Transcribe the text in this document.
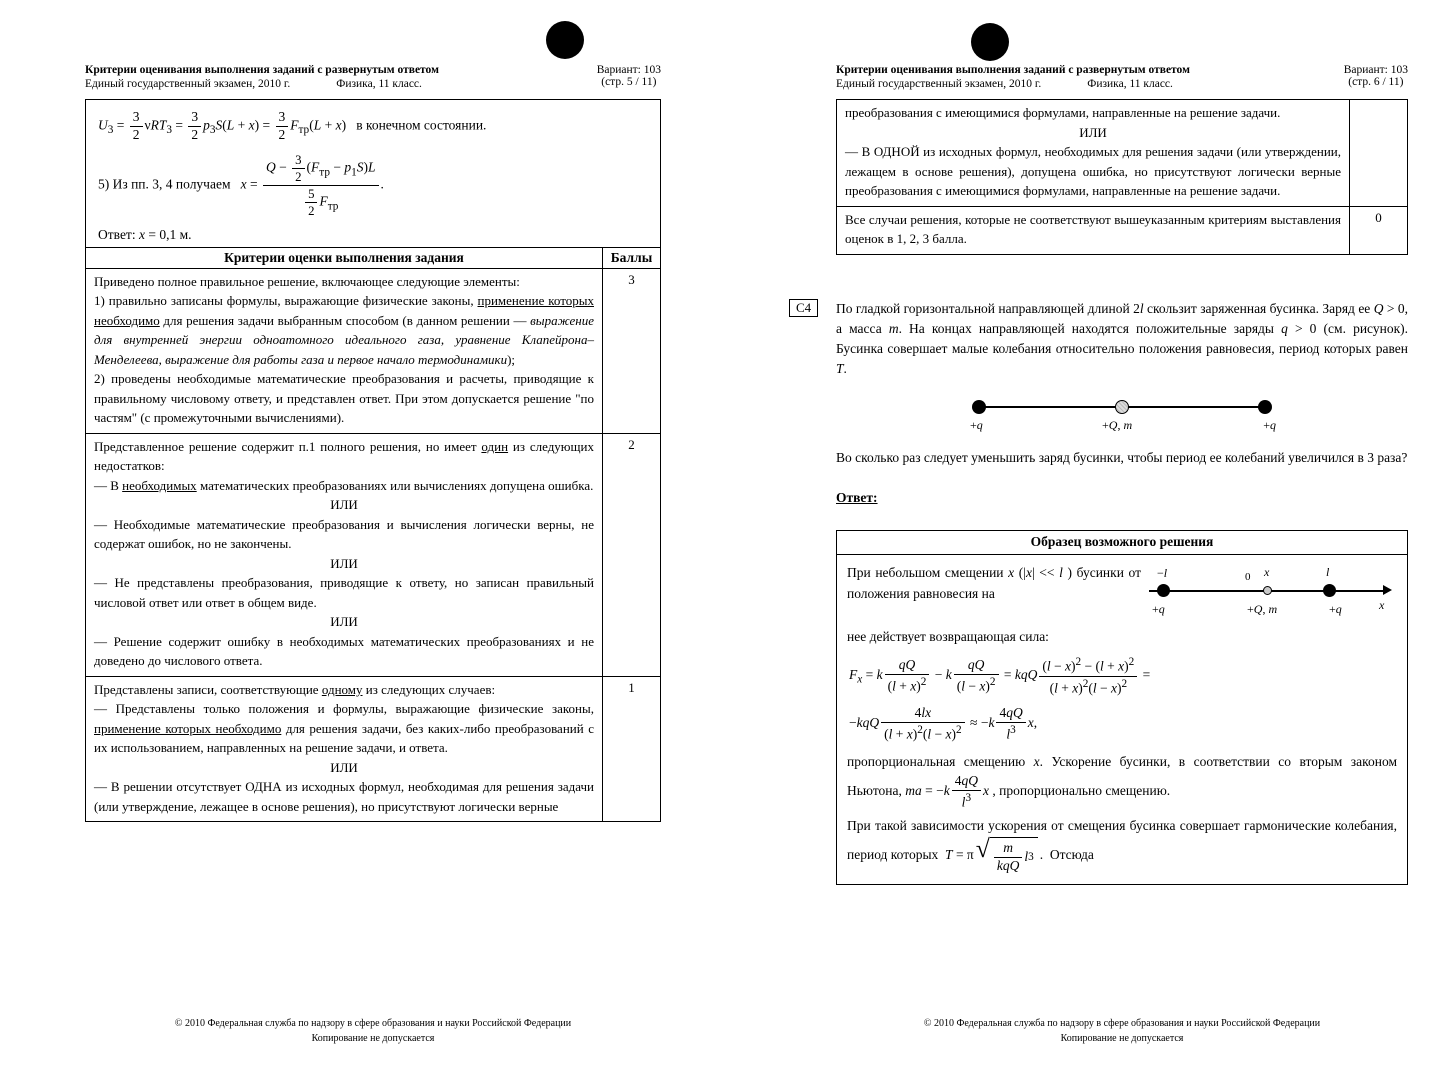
Критерии оценивания выполнения заданий с развернутым ответом
Единый государственный экзамен, 2010 г.	Физика, 11 класс.
Вариант: 103
(стр. 5 / 11)
$U_3 = \frac{3}{2} \nu RT_3 = \frac{3}{2} p_3S(L + x) = \frac{3}{2} F_{тр}(L + x)$   в конечном состоянии.
5) Из пп. 3, 4 получаем   $x = \frac{Q - \frac{3}{2} (F_{тр} - p_1S)L}{\frac{5}{2} F_{тр}}$ .
Ответ: x = 0,1 м.

Критерии оценки выполнения задания	Баллы
Приведено полное правильное решение, включающее следующие элементы:
1) правильно записаны формулы, выражающие физические законы, применение которых необходимо для решения задачи выбранным способом (в данном решении — выражение для внутренней энергии одноатомного идеального газа, уравнение Клапейрона–Менделеева, выражение для работы газа и первое начало термодинамики);
2) проведены необходимые математические преобразования и расчеты, приводящие к правильному числовому ответу, и представлен ответ. При этом допускается решение "по частям" (с промежуточными вычислениями).	3
Представленное решение содержит п.1 полного решения, но имеет один из следующих недостатков:
— В необходимых математических преобразованиях или вычислениях допущена ошибка.
ИЛИ
— Необходимые математические преобразования и вычисления логически верны, не содержат ошибок, но не закончены.
ИЛИ
— Не представлены преобразования, приводящие к ответу, но записан правильный числовой ответ или ответ в общем виде.
ИЛИ
— Решение содержит ошибку в необходимых математических преобразованиях и не доведено до числового ответа.	2
Представлены записи, соответствующие одному из следующих случаев:
— Представлены только положения и формулы, выражающие физические законы, применение которых необходимо для решения задачи, без каких-либо преобразований с их использованием, направленных на решение задачи, и ответа.
ИЛИ
— В решении отсутствует ОДНА из исходных формул, необходимая для решения задачи (или утверждение, лежащее в основе решения), но присутствуют логически верные	1
© 2010 Федеральная служба по надзору в сфере образования и науки Российской Федерации
Копирование не допускается
Критерии оценивания выполнения заданий с развернутым ответом
Единый государственный экзамен, 2010 г.	Физика, 11 класс.
Вариант: 103
(стр. 6 / 11)
преобразования с имеющимися формулами, направленные на решение задачи.
ИЛИ
— В ОДНОЙ из исходных формул, необходимых для решения задачи (или утверждении, лежащем в основе решения), допущена ошибка, но присутствуют логически верные преобразования с имеющимися формулами, направленные на решение задачи.	
Все случаи решения, которые не соответствуют вышеуказанным критериям выставления оценок в 1, 2, 3 балла.	0
С4	По гладкой горизонтальной направляющей длиной 2l скользит заряженная бусинка. Заряд ее Q > 0, а масса m. На концах направляющей находятся положительные заряды q > 0 (см. рисунок). Бусинка совершает малые колебания относительно положения равновесия, период которых равен T.
+q	+Q, m	+q
Во сколько раз следует уменьшить заряд бусинки, чтобы период ее колебаний увеличился в 3 раза?
Ответ:
Образец возможного решения
При небольшом смещении x (|x| << l ) бусинки от положения равновесия на
−l	0 x	l
+q	+Q, m	+q	x
нее действует возвращающая сила:
$F_x = k \frac{qQ}{(l + x)^2} - k \frac{qQ}{(l - x)^2}$ = kqQ $\frac{(l - x)^2 - (l + x)^2}{(l + x)^2(l - x)^2}$ =
$-kqQ \frac{4lx}{(l + x)^2(l - x)^2} \approx -k \frac{4qQ}{l^3} x$,
пропорциональная смещению x. Ускорение бусинки, в соответствии со вторым законом Ньютона, ma = $-k \frac{4qQ}{l^3}$ x , пропорционально смещению.
При такой зависимости ускорения от смещения бусинка совершает гармонические колебания, период которых  T = π √ $\frac{m}{\text{kqQ}}$ l 3 .  Отсюда
© 2010 Федеральная служба по надзору в сфере образования и науки Российской Федерации
Копирование не допускается
